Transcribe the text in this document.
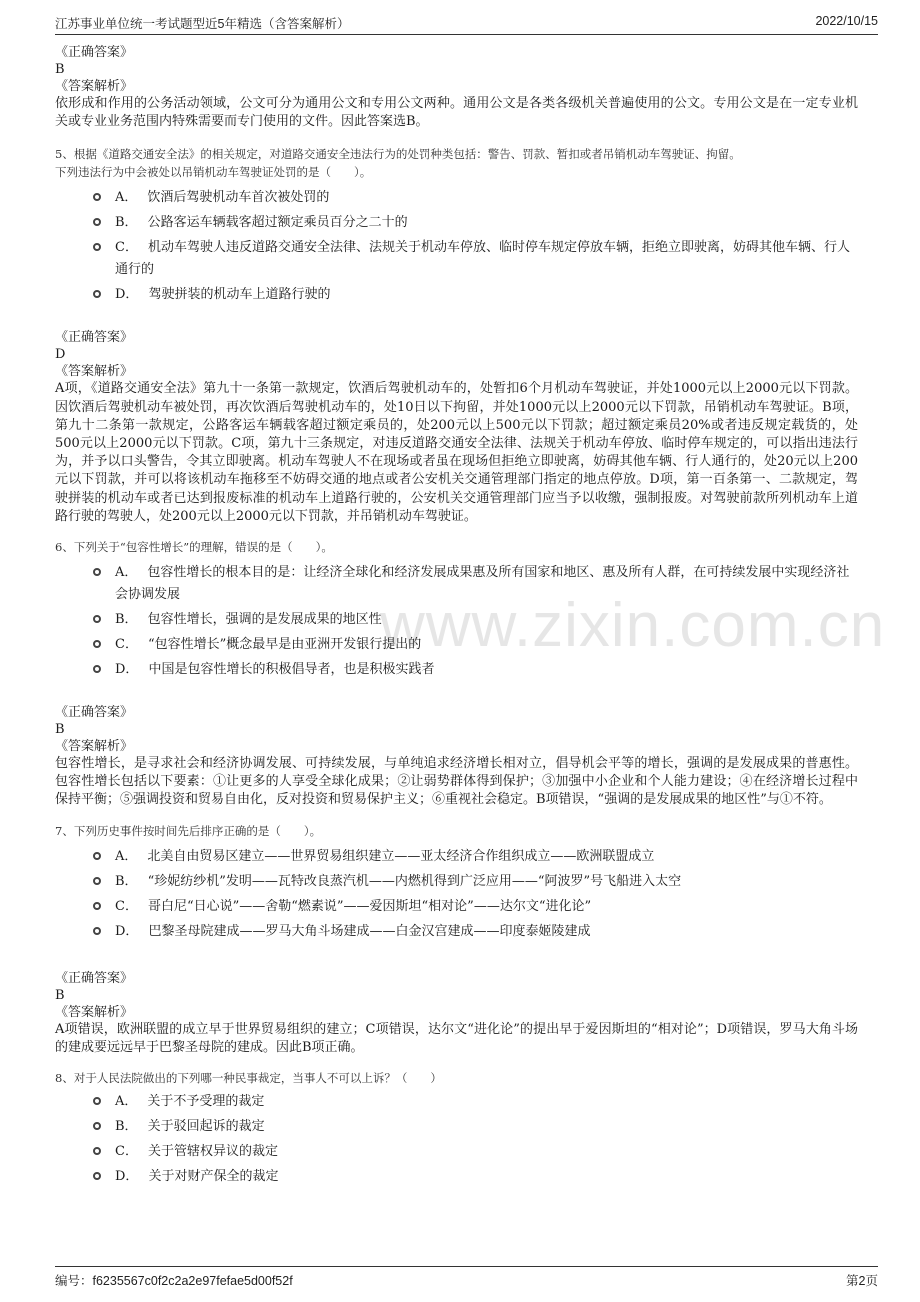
江苏事业单位统一考试题型近5年精选（含答案解析）	2022/10/15
www.zixin.com.cn
《正确答案》
B
《答案解析》
依形成和作用的公务活动领域，公文可分为通用公文和专用公文两种。通用公文是各类各级机关普遍使用的公文。专用公文是在一定专业机关或专业业务范围内特殊需要而专门使用的文件。因此答案选B。
5、根据《道路交通安全法》的相关规定，对道路交通安全违法行为的处罚种类包括：警告、罚款、暂扣或者吊销机动车驾驶证、拘留。
下列违法行为中会被处以吊销机动车驾驶证处罚的是（　　）。
A． 饮酒后驾驶机动车首次被处罚的
B． 公路客运车辆载客超过额定乘员百分之二十的
C． 机动车驾驶人违反道路交通安全法律、法规关于机动车停放、临时停车规定停放车辆，拒绝立即驶离，妨碍其他车辆、行人通行的
D． 驾驶拼装的机动车上道路行驶的
《正确答案》
D
《答案解析》
A项，《道路交通安全法》第九十一条第一款规定，饮酒后驾驶机动车的，处暂扣6个月机动车驾驶证，并处1000元以上2000元以下罚款。因饮酒后驾驶机动车被处罚，再次饮酒后驾驶机动车的，处10日以下拘留，并处1000元以上2000元以下罚款，吊销机动车驾驶证。B项，第九十二条第一款规定，公路客运车辆载客超过额定乘员的，处200元以上500元以下罚款；超过额定乘员20%或者违反规定载货的，处500元以上2000元以下罚款。C项，第九十三条规定，对违反道路交通安全法律、法规关于机动车停放、临时停车规定的，可以指出违法行为，并予以口头警告，令其立即驶离。机动车驾驶人不在现场或者虽在现场但拒绝立即驶离，妨碍其他车辆、行人通行的，处20元以上200元以下罚款，并可以将该机动车拖移至不妨碍交通的地点或者公安机关交通管理部门指定的地点停放。D项，第一百条第一、二款规定，驾驶拼装的机动车或者已达到报废标准的机动车上道路行驶的，公安机关交通管理部门应当予以收缴，强制报废。对驾驶前款所列机动车上道路行驶的驾驶人，处200元以上2000元以下罚款，并吊销机动车驾驶证。
6、下列关于“包容性增长”的理解，错误的是（　　）。
A． 包容性增长的根本目的是：让经济全球化和经济发展成果惠及所有国家和地区、惠及所有人群，在可持续发展中实现经济社会协调发展
B． 包容性增长，强调的是发展成果的地区性
C． “包容性增长”概念最早是由亚洲开发银行提出的
D． 中国是包容性增长的积极倡导者，也是积极实践者
《正确答案》
B
《答案解析》
包容性增长，是寻求社会和经济协调发展、可持续发展，与单纯追求经济增长相对立，倡导机会平等的增长，强调的是发展成果的普惠性。包容性增长包括以下要素：①让更多的人享受全球化成果；②让弱势群体得到保护；③加强中小企业和个人能力建设；④在经济增长过程中保持平衡；⑤强调投资和贸易自由化，反对投资和贸易保护主义；⑥重视社会稳定。B项错误，“强调的是发展成果的地区性”与①不符。
7、下列历史事件按时间先后排序正确的是（　　）。
A． 北美自由贸易区建立——世界贸易组织建立——亚太经济合作组织成立——欧洲联盟成立
B． “珍妮纺纱机”发明——瓦特改良蒸汽机——内燃机得到广泛应用——“阿波罗”号飞船进入太空
C． 哥白尼“日心说”——舍勒“燃素说”——爱因斯坦“相对论”——达尔文“进化论”
D． 巴黎圣母院建成——罗马大角斗场建成——白金汉宫建成——印度泰姬陵建成
《正确答案》
B
《答案解析》
A项错误，欧洲联盟的成立早于世界贸易组织的建立；C项错误，达尔文“进化论”的提出早于爱因斯坦的“相对论”；D项错误，罗马大角斗场的建成要远远早于巴黎圣母院的建成。因此B项正确。
8、对于人民法院做出的下列哪一种民事裁定，当事人不可以上诉？（　　）
A． 关于不予受理的裁定
B． 关于驳回起诉的裁定
C． 关于管辖权异议的裁定
D． 关于对财产保全的裁定
编号：f6235567c0f2c2a2e97fefae5d00f52f	第2页
